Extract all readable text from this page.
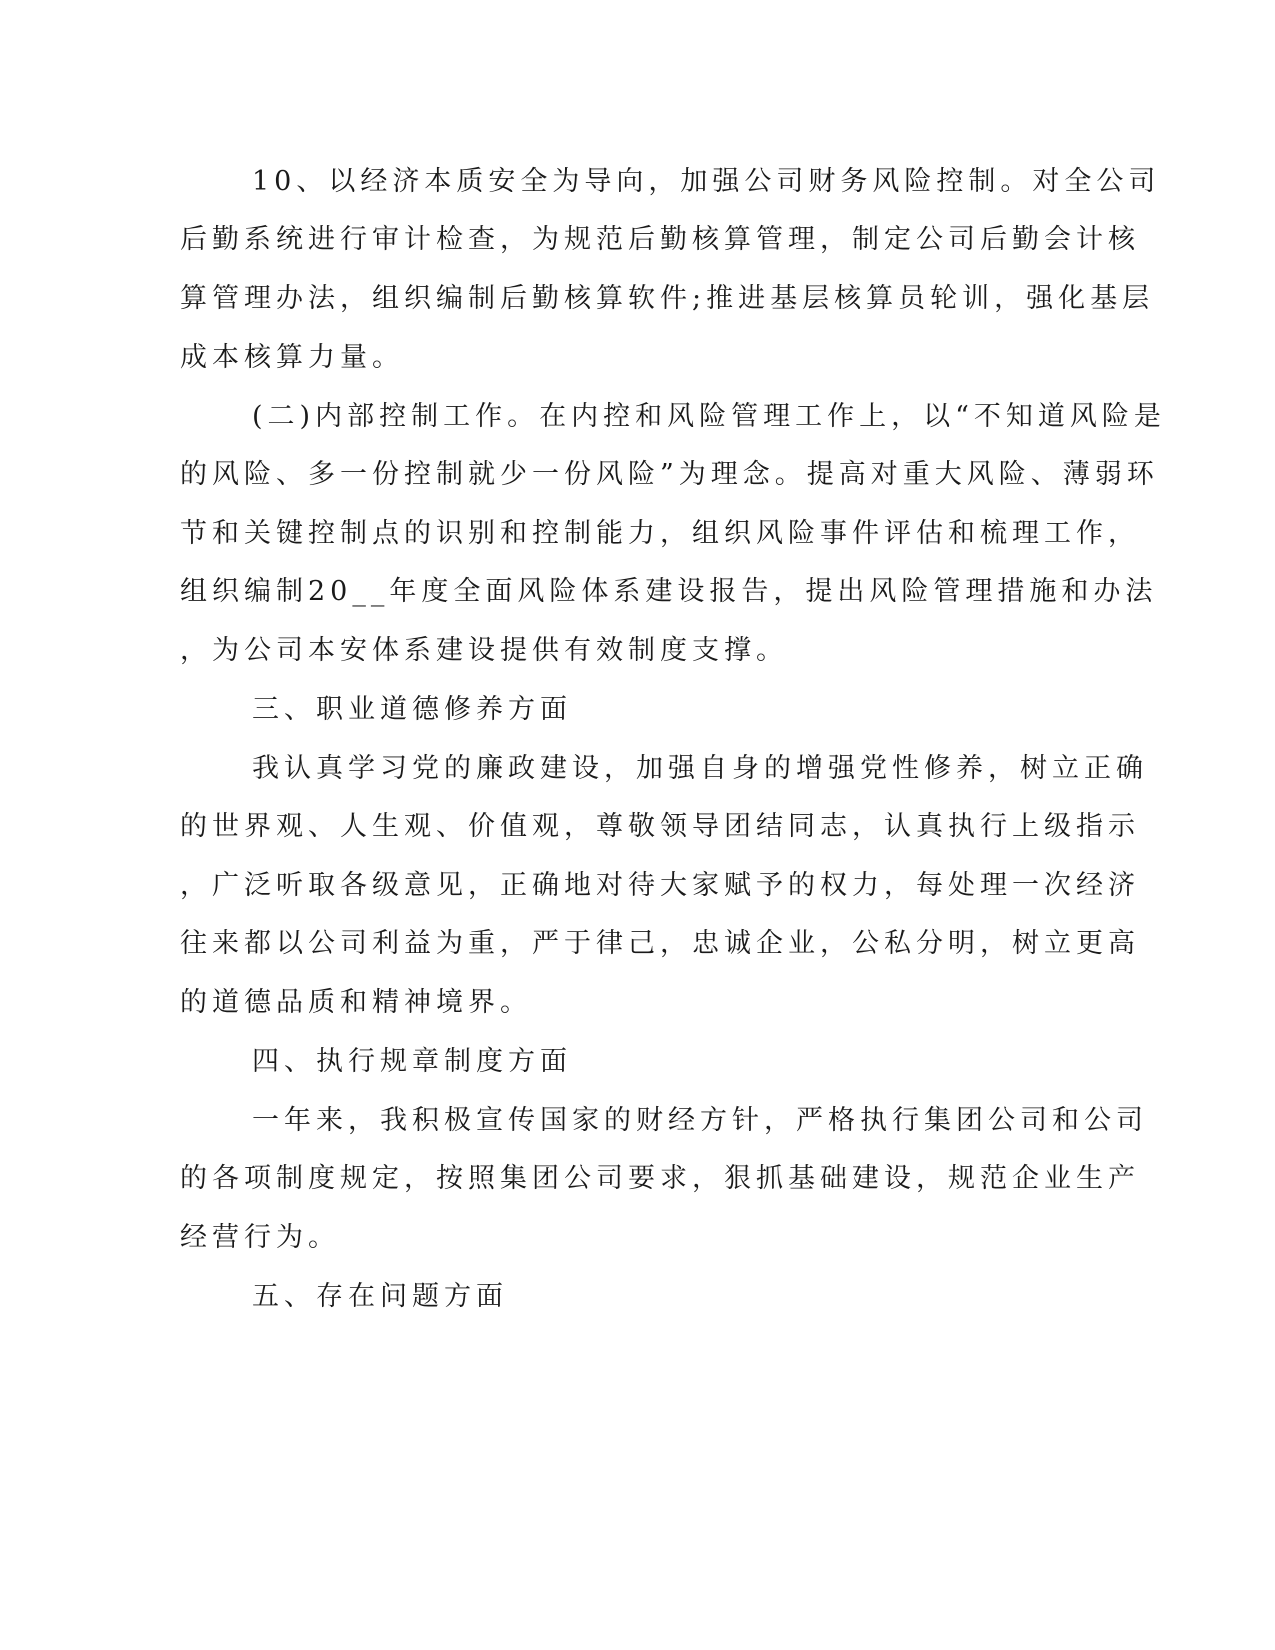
10、以经济本质安全为导向，加强公司财务风险控制。对全公司
后勤系统进行审计检查，为规范后勤核算管理，制定公司后勤会计核
算管理办法，组织编制后勤核算软件;推进基层核算员轮训，强化基层
成本核算力量。
(二)内部控制工作。在内控和风险管理工作上，以“不知道风险是
的风险、多一份控制就少一份风险”为理念。提高对重大风险、薄弱环
节和关键控制点的识别和控制能力，组织风险事件评估和梳理工作，
组织编制20__年度全面风险体系建设报告，提出风险管理措施和办法
，为公司本安体系建设提供有效制度支撑。
三、职业道德修养方面
我认真学习党的廉政建设，加强自身的增强党性修养，树立正确
的世界观、人生观、价值观，尊敬领导团结同志，认真执行上级指示
，广泛听取各级意见，正确地对待大家赋予的权力，每处理一次经济
往来都以公司利益为重，严于律己，忠诚企业，公私分明，树立更高
的道德品质和精神境界。
四、执行规章制度方面
一年来，我积极宣传国家的财经方针，严格执行集团公司和公司
的各项制度规定，按照集团公司要求，狠抓基础建设，规范企业生产
经营行为。
五、存在问题方面
